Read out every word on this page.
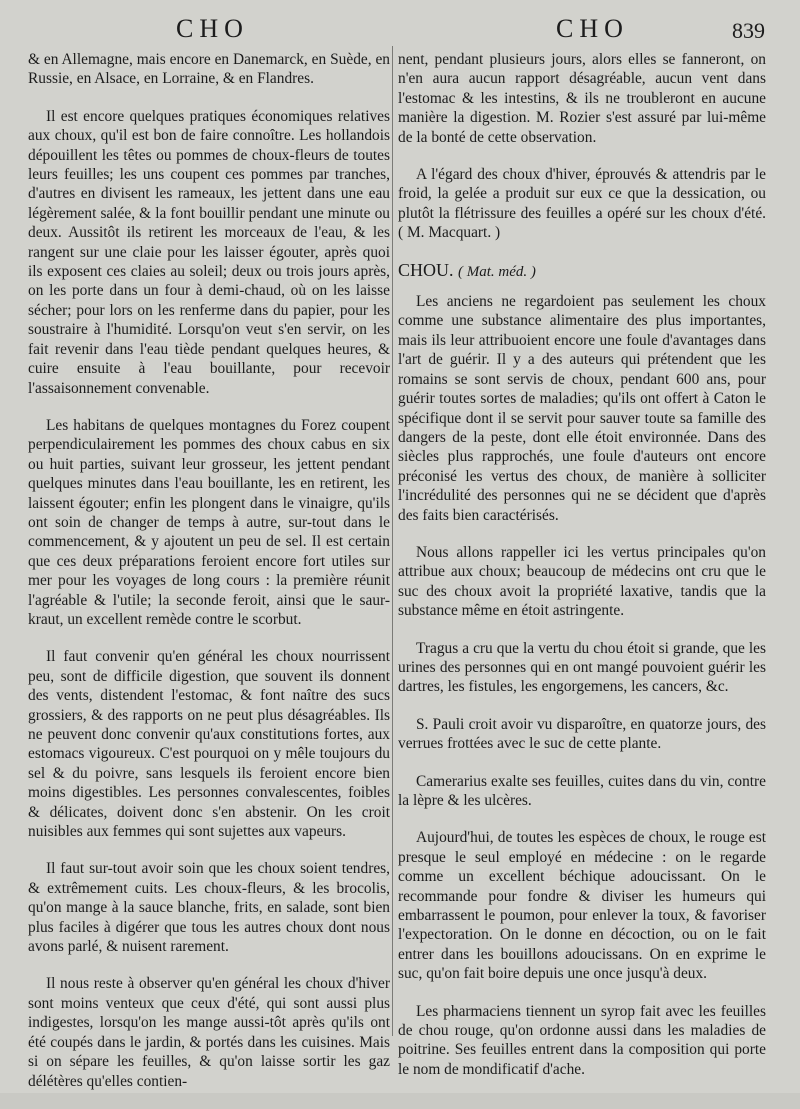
CHO	CHO	839

& en Allemagne, mais encore en Danemarck, en Suède, en Russie, en Alsace, en Lorraine, & en Flandres.

Il est encore quelques pratiques économiques relatives aux choux, qu'il est bon de faire connoître. Les hollandois dépouillent les têtes ou pommes de choux-fleurs de toutes leurs feuilles; les uns coupent ces pommes par tranches, d'autres en divisent les rameaux, les jettent dans une eau légèrement salée, & la font bouillir pendant une minute ou deux. Aussitôt ils retirent les morceaux de l'eau, & les rangent sur une claie pour les laisser égouter, après quoi ils exposent ces claies au soleil; deux ou trois jours après, on les porte dans un four à demi-chaud, où on les laisse sécher; pour lors on les renferme dans du papier, pour les soustraire à l'humidité. Lorsqu'on veut s'en servir, on les fait revenir dans l'eau tiède pendant quelques heures, & cuire ensuite à l'eau bouillante, pour recevoir l'assaisonnement convenable.

Les habitans de quelques montagnes du Forez coupent perpendiculairement les pommes des choux cabus en six ou huit parties, suivant leur grosseur, les jettent pendant quelques minutes dans l'eau bouillante, les en retirent, les laissent égouter; enfin les plongent dans le vinaigre, qu'ils ont soin de changer de temps à autre, sur-tout dans le commencement, & y ajoutent un peu de sel. Il est certain que ces deux préparations feroient encore fort utiles sur mer pour les voyages de long cours : la première réunit l'agréable & l'utile; la seconde feroit, ainsi que le saur-kraut, un excellent remède contre le scorbut.

Il faut convenir qu'en général les choux nourrissent peu, sont de difficile digestion, que souvent ils donnent des vents, distendent l'estomac, & font naître des sucs grossiers, & des rapports on ne peut plus désagréables. Ils ne peuvent donc convenir qu'aux constitutions fortes, aux estomacs vigoureux. C'est pourquoi on y mêle toujours du sel & du poivre, sans lesquels ils feroient encore bien moins digestibles. Les personnes convalescentes, foibles & délicates, doivent donc s'en abstenir. On les croit nuisibles aux femmes qui sont sujettes aux vapeurs.

Il faut sur-tout avoir soin que les choux soient tendres, & extrêmement cuits. Les choux-fleurs, & les brocolis, qu'on mange à la sauce blanche, frits, en salade, sont bien plus faciles à digérer que tous les autres choux dont nous avons parlé, & nuisent rarement.

Il nous reste à observer qu'en général les choux d'hiver sont moins venteux que ceux d'été, qui sont aussi plus indigestes, lorsqu'on les mange aussi-tôt après qu'ils ont été coupés dans le jardin, & portés dans les cuisines. Mais si on sépare les feuilles, & qu'on laisse sortir les gaz délétères qu'elles contien-

nent, pendant plusieurs jours, alors elles se fanneront, on n'en aura aucun rapport désagréable, aucun vent dans l'estomac & les intestins, & ils ne troubleront en aucune manière la digestion. M. Rozier s'est assuré par lui-même de la bonté de cette observation.

A l'égard des choux d'hiver, éprouvés & attendris par le froid, la gelée a produit sur eux ce que la dessication, ou plutôt la flétrissure des feuilles a opéré sur les choux d'été. ( M. Macquart. )

CHOU. ( Mat. méd. )

Les anciens ne regardoient pas seulement les choux comme une substance alimentaire des plus importantes, mais ils leur attribuoient encore une foule d'avantages dans l'art de guérir. Il y a des auteurs qui prétendent que les romains se sont servis de choux, pendant 600 ans, pour guérir toutes sortes de maladies; qu'ils ont offert à Caton le spécifique dont il se servit pour sauver toute sa famille des dangers de la peste, dont elle étoit environnée. Dans des siècles plus rapprochés, une foule d'auteurs ont encore préconisé les vertus des choux, de manière à solliciter l'incrédulité des personnes qui ne se décident que d'après des faits bien caractérisés.

Nous allons rappeller ici les vertus principales qu'on attribue aux choux; beaucoup de médecins ont cru que le suc des choux avoit la propriété laxative, tandis que la substance même en étoit astringente.

Tragus a cru que la vertu du chou étoit si grande, que les urines des personnes qui en ont mangé pouvoient guérir les dartres, les fistules, les engorgemens, les cancers, &c.

S. Pauli croit avoir vu disparoître, en quatorze jours, des verrues frottées avec le suc de cette plante.

Camerarius exalte ses feuilles, cuites dans du vin, contre la lèpre & les ulcères.

Aujourd'hui, de toutes les espèces de choux, le rouge est presque le seul employé en médecine : on le regarde comme un excellent béchique adoucissant. On le recommande pour fondre & diviser les humeurs qui embarrassent le poumon, pour enlever la toux, & favoriser l'expectoration. On le donne en décoction, ou on le fait entrer dans les bouillons adoucissans. On en exprime le suc, qu'on fait boire depuis une once jusqu'à deux.

Les pharmaciens tiennent un syrop fait avec les feuilles de chou rouge, qu'on ordonne aussi dans les maladies de poitrine. Ses feuilles entrent dans la composition qui porte le nom de mondificatif d'ache.
